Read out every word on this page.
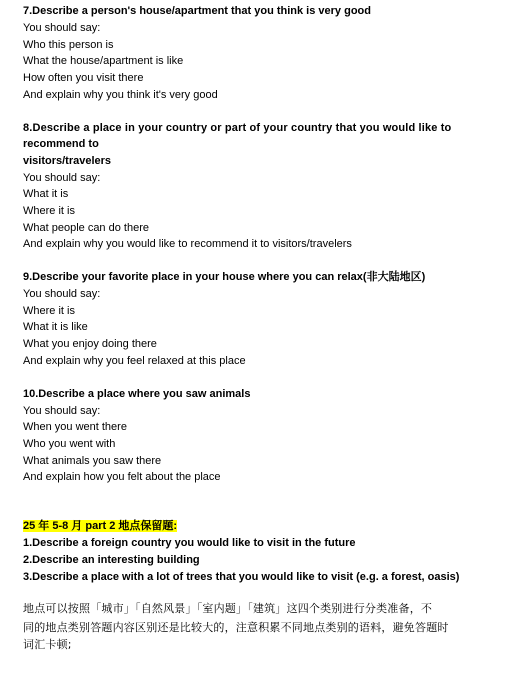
7.Describe a person's house/apartment that you think is very good
You should say:
Who this person is
What the house/apartment is like
How often you visit there
And explain why you think it's very good
8.Describe a place in your country or part of your country that you would like to
recommend to
visitors/travelers
You should say:
What it is
Where it is
What people can do there
And explain why you would like to recommend it to visitors/travelers
9.Describe your favorite place in your house where you can relax(非大陆地区)
You should say:
Where it is
What it is like
What you enjoy doing there
And explain why you feel relaxed at this place
10.Describe a place where you saw animals
You should say:
When you went there
Who you went with
What animals you saw there
And explain how you felt about the place
25 年 5-8 月 part 2 地点保留题:
1.Describe a foreign country you would like to visit in the future
2.Describe an interesting building
3.Describe a place with a lot of trees that you would like to visit (e.g. a forest, oasis)
地点可以按照「城市」「自然风景」「室内题」「建筑」这四个类别进行分类准备，不
同的地点类别答题内容区别还是比较大的，注意积累不同地点类别的语料，避免答题时
词汇卡顿;
